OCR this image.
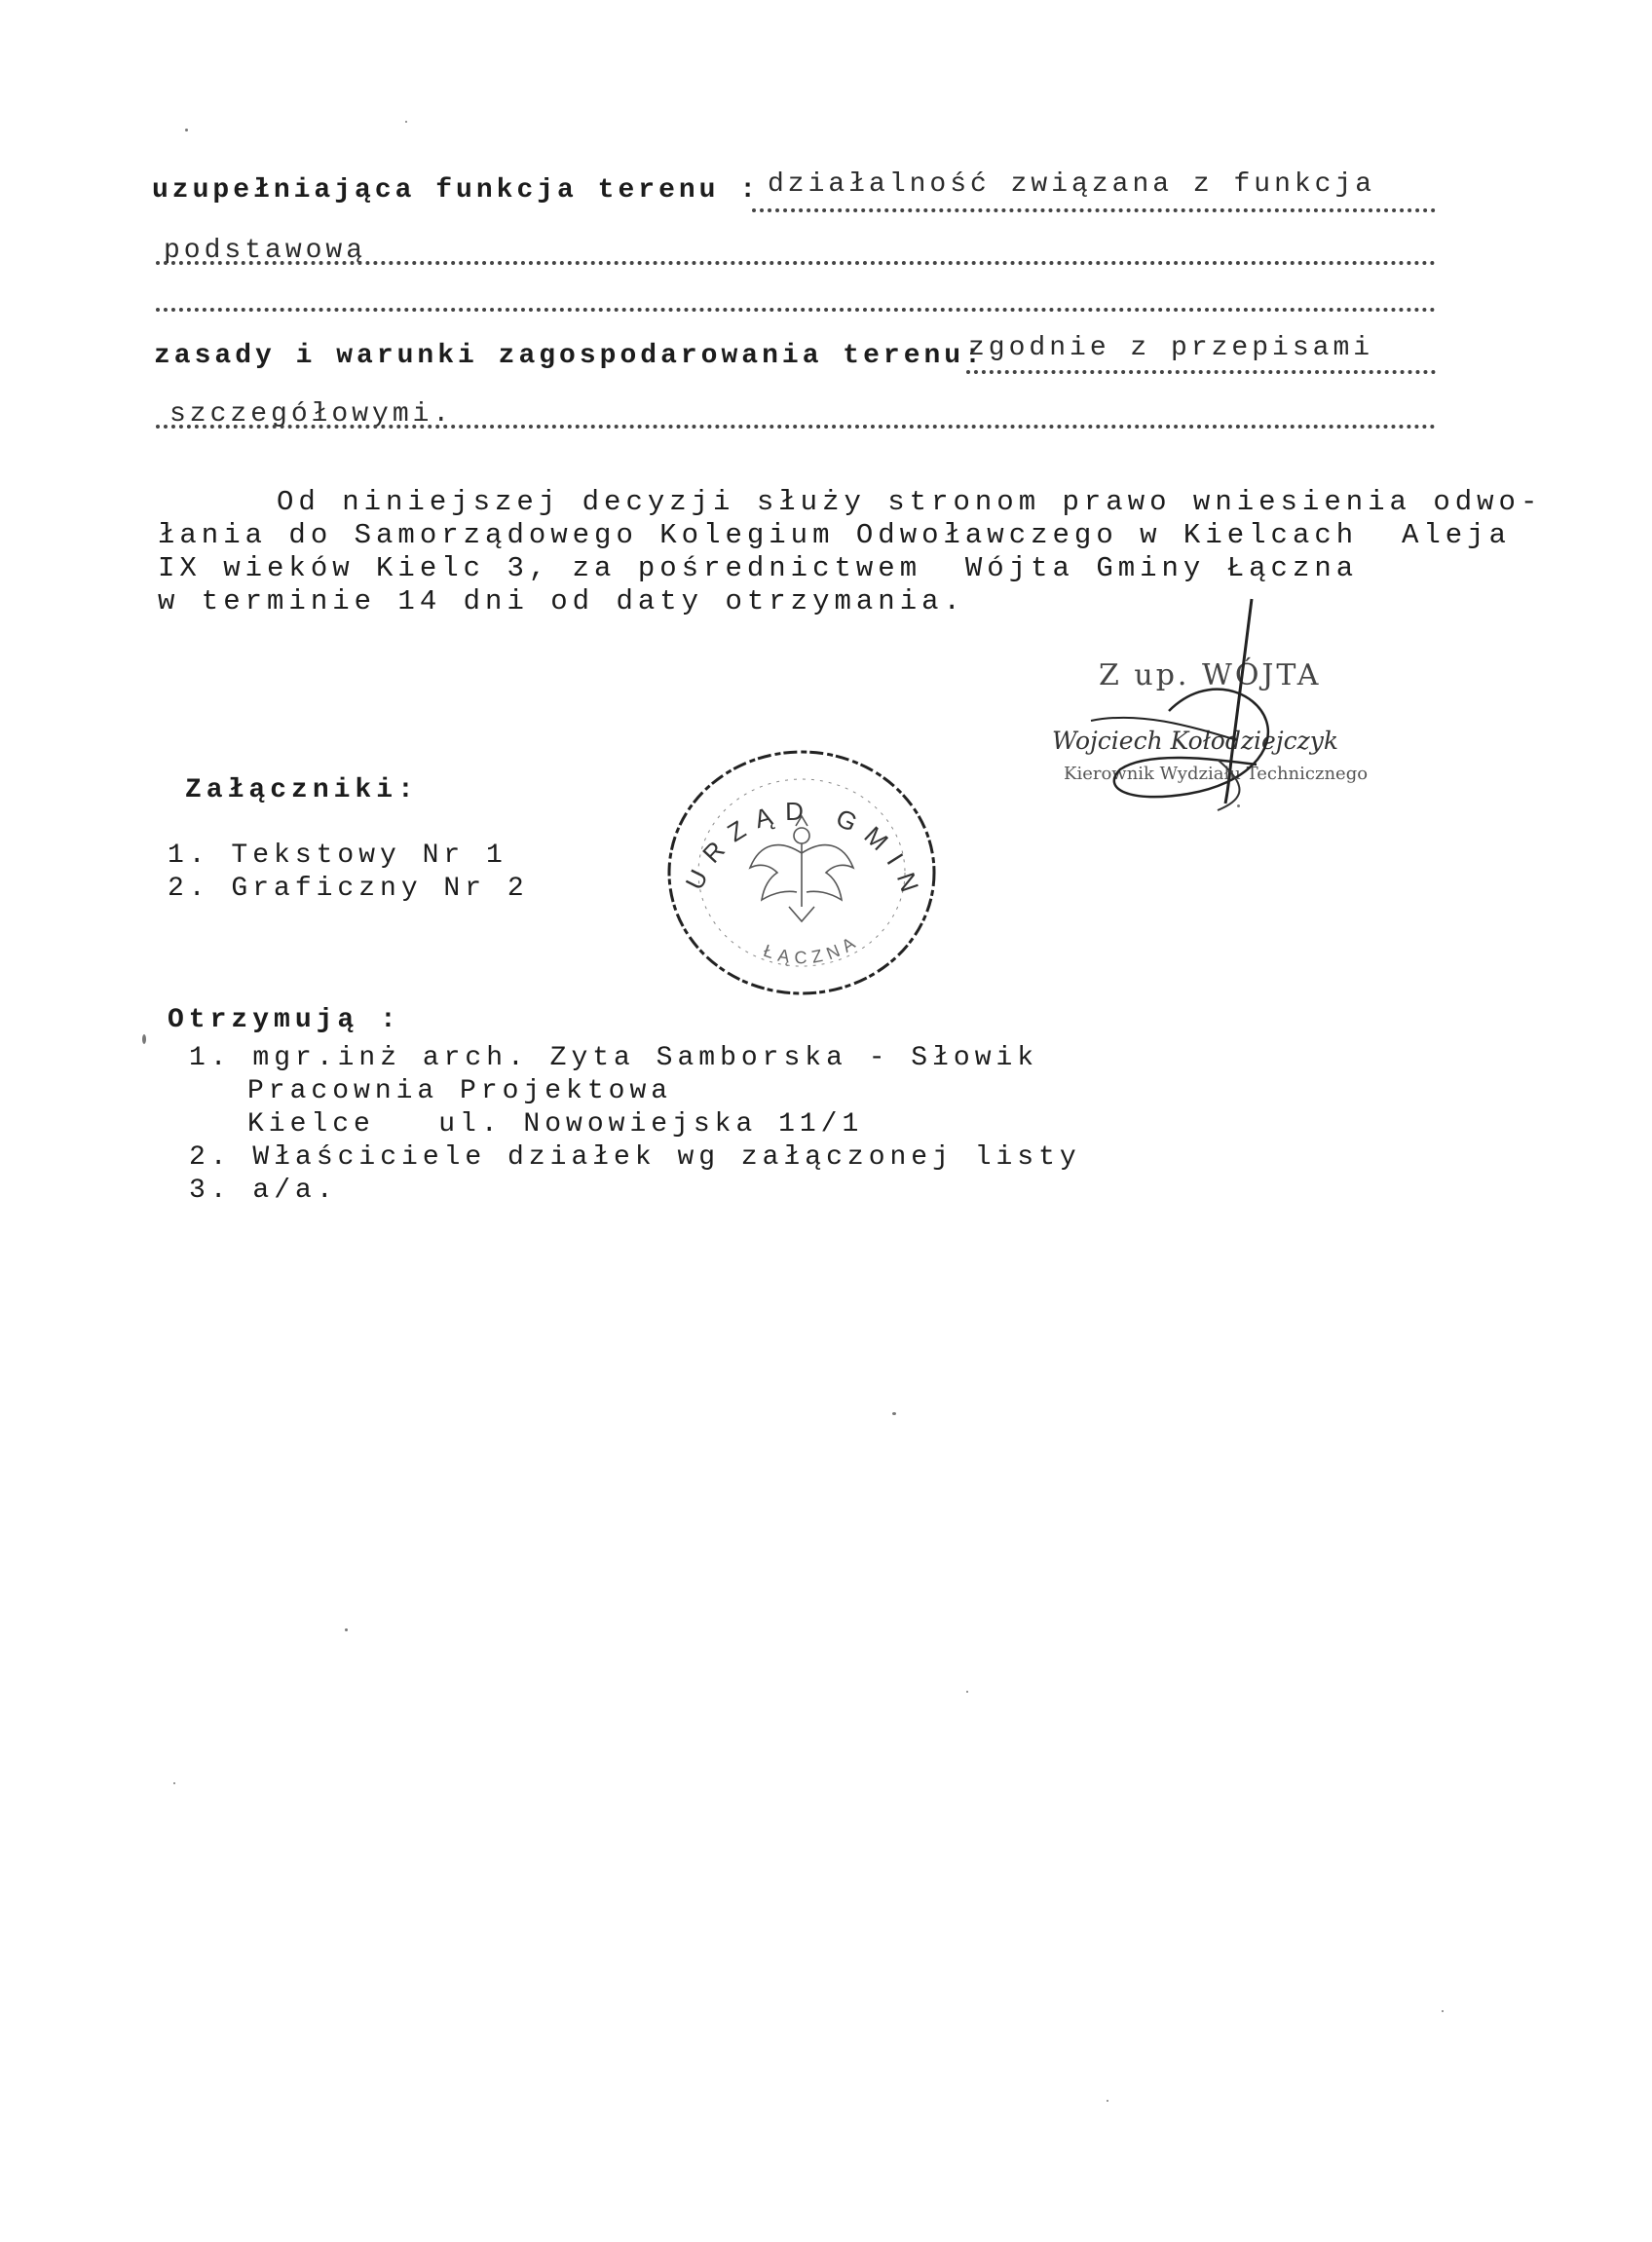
uzupełniająca funkcja terenu : działalność związana z funkcja
podstawową
zasady i warunki zagospodarowania terenu:
zgodnie z przepisami
szczegółowymi.
Od niniejszej decyzji służy stronom prawo wniesienia odwo-
łania do Samorządowego Kolegium Odwoławczego w Kielcach  Aleja
IX wieków Kielc 3, za pośrednictwem  Wójta Gminy Łączna
w terminie 14 dni od daty otrzymania.
Z up. WÓJTA
Wojciech Kołodziejczyk
Kierownik Wydziału Technicznego

URZĄD GMIN
ŁĄCZNA

Załączniki:
1. Tekstowy Nr 1
2. Graficzny Nr 2
Otrzymują :
1. mgr.inż arch. Zyta Samborska - Słowik
Pracownia Projektowa
Kielce   ul. Nowowiejska 11/1
2. Właściciele działek wg załączonej listy
3. a/a.
